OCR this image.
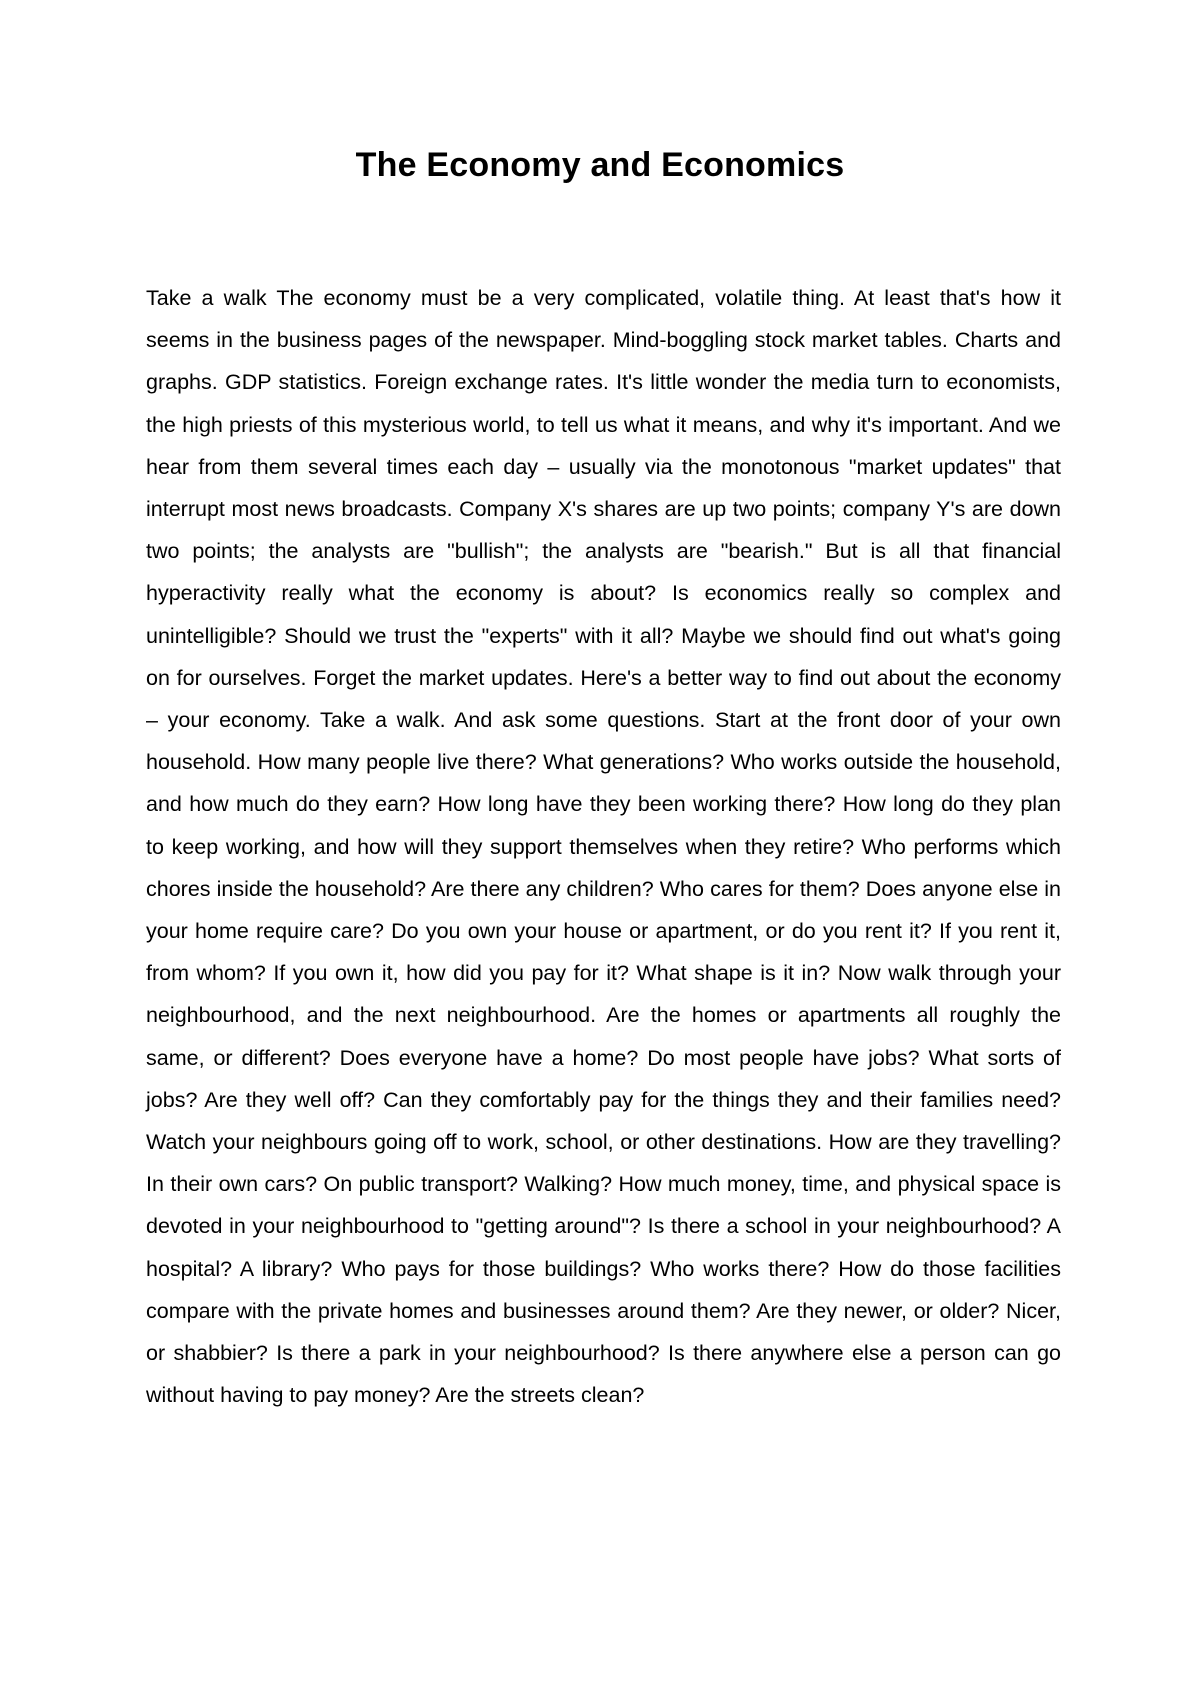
The Economy and Economics

Take a walk The economy must be a very complicated, volatile thing. At least that's how it seems in the business pages of the newspaper. Mind-boggling stock market tables. Charts and graphs. GDP statistics. Foreign exchange rates. It's little wonder the media turn to economists, the high priests of this mysterious world, to tell us what it means, and why it's important. And we hear from them several times each day – usually via the monotonous "market updates" that interrupt most news broadcasts. Company X's shares are up two points; company Y's are down two points; the analysts are "bullish"; the analysts are "bearish." But is all that financial hyperactivity really what the economy is about? Is economics really so complex and unintelligible? Should we trust the "experts" with it all? Maybe we should find out what's going on for ourselves. Forget the market updates. Here's a better way to find out about the economy – your economy. Take a walk. And ask some questions. Start at the front door of your own household. How many people live there? What generations? Who works outside the household, and how much do they earn? How long have they been working there? How long do they plan to keep working, and how will they support themselves when they retire? Who performs which chores inside the household? Are there any children? Who cares for them? Does anyone else in your home require care? Do you own your house or apartment, or do you rent it? If you rent it, from whom? If you own it, how did you pay for it? What shape is it in? Now walk through your neighbourhood, and the next neighbourhood. Are the homes or apartments all roughly the same, or different? Does everyone have a home? Do most people have jobs? What sorts of jobs? Are they well off? Can they comfortably pay for the things they and their families need? Watch your neighbours going off to work, school, or other destinations. How are they travelling? In their own cars? On public transport? Walking? How much money, time, and physical space is devoted in your neighbourhood to "getting around"? Is there a school in your neighbourhood? A hospital? A library? Who pays for those buildings? Who works there? How do those facilities compare with the private homes and businesses around them? Are they newer, or older? Nicer, or shabbier? Is there a park in your neighbourhood? Is there anywhere else a person can go without having to pay money? Are the streets clean?
